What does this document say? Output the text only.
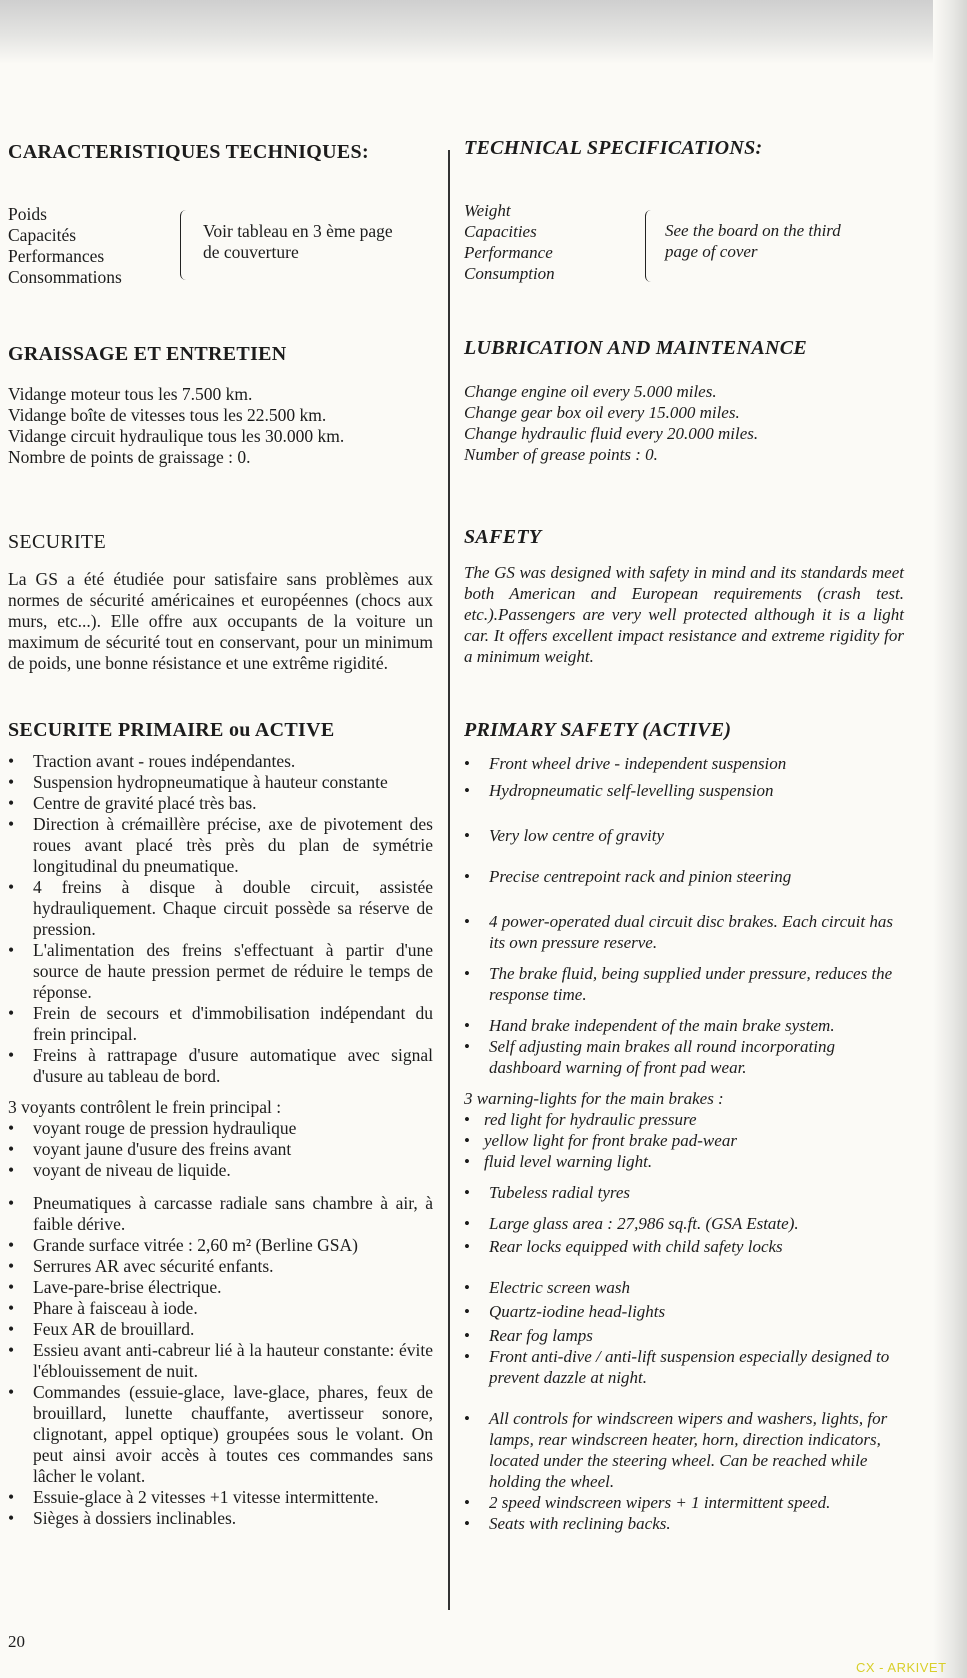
CARACTERISTIQUES TECHNIQUES:
Poids
Capacités
Performances
Consommations
Voir tableau en 3 ème page
de couverture
GRAISSAGE ET ENTRETIEN
Vidange moteur tous les 7.500 km.
Vidange boîte de vitesses tous les 22.500 km.
Vidange circuit hydraulique tous les 30.000 km.
Nombre de points de graissage : 0.
SECURITE

La GS a été étudiée pour satisfaire sans problèmes aux normes de sécurité américaines et européennes (chocs aux murs, etc...). Elle offre aux occupants de la voiture un maximum de sécurité tout en conservant, pour un minimum de poids, une bonne résistance et une extrême rigidité.

SECURITE PRIMAIRE ou ACTIVE
• Traction avant - roues indépendantes.
• Suspension hydropneumatique à hauteur constante
• Centre de gravité placé très bas.
• Direction à crémaillère précise, axe de pivotement des roues avant placé très près du plan de symétrie longitudinal du pneumatique.
• 4 freins à disque à double circuit, assistée hydrauliquement. Chaque circuit possède sa réserve de pression.
• L'alimentation des freins s'effectuant à partir d'une source de haute pression permet de réduire le temps de réponse.
• Frein de secours et d'immobilisation indépendant du frein principal.
• Freins à rattrapage d'usure automatique avec signal d'usure au tableau de bord.
3 voyants contrôlent le frein principal :
• voyant rouge de pression hydraulique
• voyant jaune d'usure des freins avant
• voyant de niveau de liquide.
• Pneumatiques à carcasse radiale sans chambre à air, à faible dérive.
• Grande surface vitrée : 2,60 m² (Berline GSA)
• Serrures AR avec sécurité enfants.
• Lave-pare-brise électrique.
• Phare à faisceau à iode.
• Feux AR de brouillard.
• Essieu avant anti-cabreur lié à la hauteur constante: évite l'éblouissement de nuit.
• Commandes (essuie-glace, lave-glace, phares, feux de brouillard, lunette chauffante, avertisseur sonore, clignotant, appel optique) groupées sous le volant. On peut ainsi avoir accès à toutes ces commandes sans lâcher le volant.
• Essuie-glace à 2 vitesses +1 vitesse intermittente.
• Sièges à dossiers inclinables.
TECHNICAL SPECIFICATIONS:
Weight
Capacities
Performance
Consumption
See the board on the third
page of cover
LUBRICATION AND MAINTENANCE
Change engine oil every 5.000 miles.
Change gear box oil every 15.000 miles.
Change hydraulic fluid every 20.000 miles.
Number of grease points : 0.
SAFETY

The GS was designed with safety in mind and its standards meet both American and European requirements (crash test. etc.).Passengers are very well protected although it is a light car. It offers excellent impact resistance and extreme rigidity for a minimum weight.

PRIMARY SAFETY (ACTIVE)
• Front wheel drive - independent suspension
• Hydropneumatic self-levelling suspension
• Very low centre of gravity
• Precise centrepoint rack and pinion steering
• 4 power-operated dual circuit disc brakes. Each circuit has its own pressure reserve.
• The brake fluid, being supplied under pressure, reduces the response time.
• Hand brake independent of the main brake system.
• Self adjusting main brakes all round incorporating dashboard warning of front pad wear.
3 warning-lights for the main brakes :
• red light for hydraulic pressure
• yellow light for front brake pad-wear
• fluid level warning light.
• Tubeless radial tyres
• Large glass area : 27,986 sq.ft. (GSA Estate).
• Rear locks equipped with child safety locks
• Electric screen wash
• Quartz-iodine head-lights
• Rear fog lamps
• Front anti-dive / anti-lift suspension especially designed to prevent dazzle at night.
• All controls for windscreen wipers and washers, lights, for lamps, rear windscreen heater, horn, direction indicators, located under the steering wheel. Can be reached while holding the wheel.
• 2 speed windscreen wipers + 1 intermittent speed.
• Seats with reclining backs.
20
CX - ARKIVET
